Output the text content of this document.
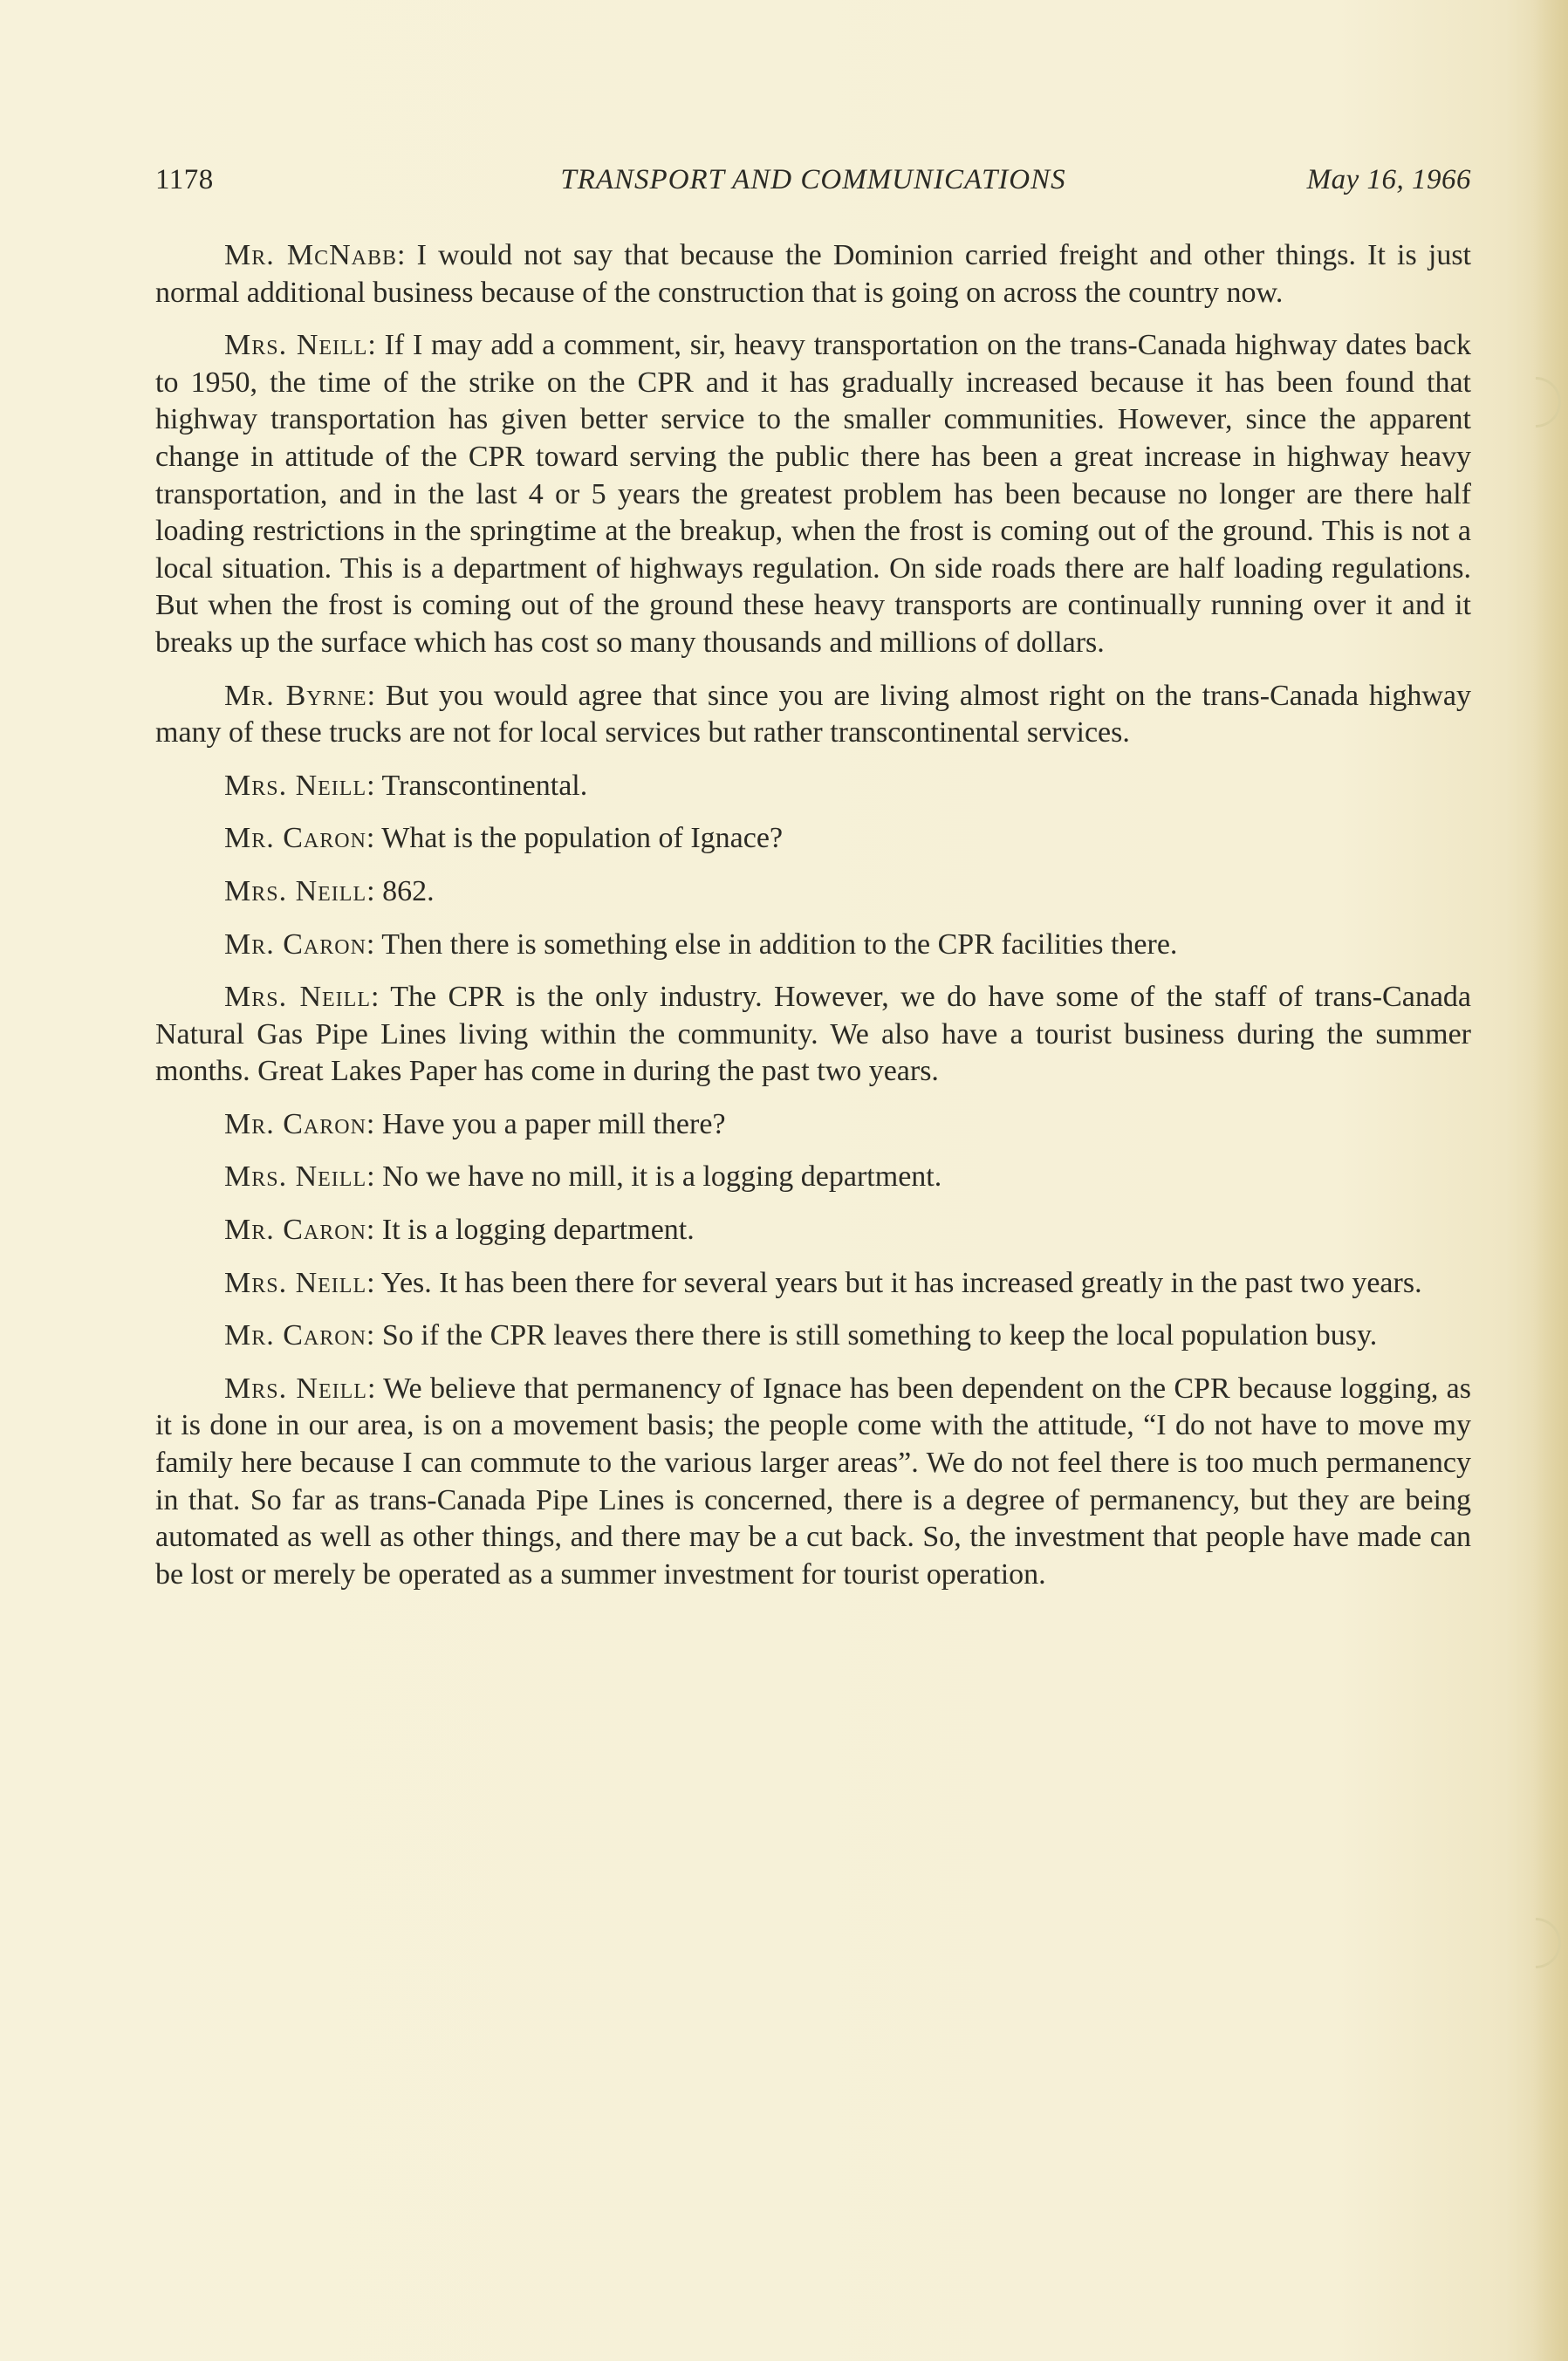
1178	TRANSPORT AND COMMUNICATIONS	May 16, 1966

Mr. McNabb: I would not say that because the Dominion carried freight and other things. It is just normal additional business because of the construction that is going on across the country now.

Mrs. Neill: If I may add a comment, sir, heavy transportation on the trans-Canada highway dates back to 1950, the time of the strike on the CPR and it has gradually increased because it has been found that highway transportation has given better service to the smaller communities. However, since the apparent change in attitude of the CPR toward serving the public there has been a great increase in highway heavy transportation, and in the last 4 or 5 years the greatest problem has been because no longer are there half loading restrictions in the springtime at the breakup, when the frost is coming out of the ground. This is not a local situation. This is a department of highways regulation. On side roads there are half loading regulations. But when the frost is coming out of the ground these heavy transports are continually running over it and it breaks up the surface which has cost so many thousands and millions of dollars.

Mr. Byrne: But you would agree that since you are living almost right on the trans-Canada highway many of these trucks are not for local services but rather transcontinental services.

Mrs. Neill: Transcontinental.

Mr. Caron: What is the population of Ignace?

Mrs. Neill: 862.

Mr. Caron: Then there is something else in addition to the CPR facilities there.

Mrs. Neill: The CPR is the only industry. However, we do have some of the staff of trans-Canada Natural Gas Pipe Lines living within the community. We also have a tourist business during the summer months. Great Lakes Paper has come in during the past two years.

Mr. Caron: Have you a paper mill there?

Mrs. Neill: No we have no mill, it is a logging department.

Mr. Caron: It is a logging department.

Mrs. Neill: Yes. It has been there for several years but it has increased greatly in the past two years.

Mr. Caron: So if the CPR leaves there there is still something to keep the local population busy.

Mrs. Neill: We believe that permanency of Ignace has been dependent on the CPR because logging, as it is done in our area, is on a movement basis; the people come with the attitude, “I do not have to move my family here because I can commute to the various larger areas”. We do not feel there is too much permanency in that. So far as trans-Canada Pipe Lines is concerned, there is a degree of permanency, but they are being automated as well as other things, and there may be a cut back. So, the investment that people have made can be lost or merely be operated as a summer investment for tourist operation.
